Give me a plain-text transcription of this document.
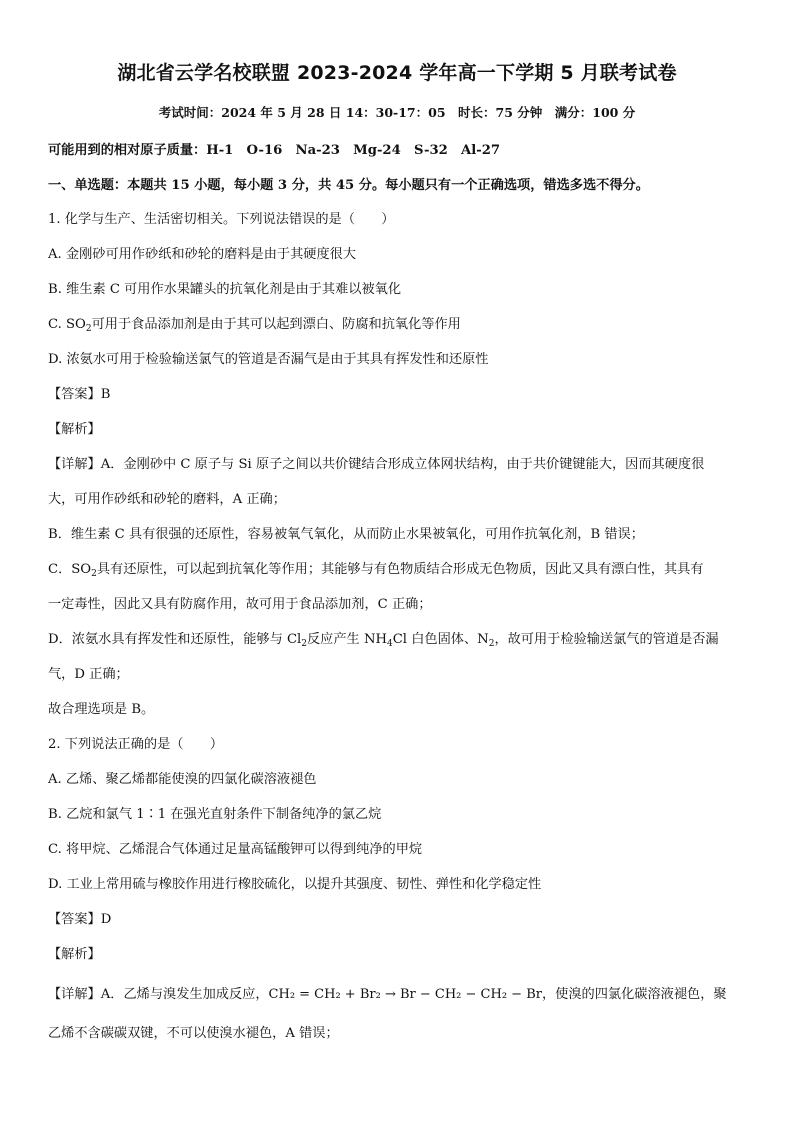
湖北省云学名校联盟 2023-2024 学年高一下学期 5 月联考试卷
考试时间：2024 年 5 月 28 日 14：30-17：05　时长：75 分钟　满分：100 分
可能用到的相对原子质量：H-1　O-16　Na-23　Mg-24　S-32　Al-27
一、单选题：本题共 15 小题，每小题 3 分，共 45 分。每小题只有一个正确选项，错选多选不得分。
1. 化学与生产、生活密切相关。下列说法错误的是（　　）
A. 金刚砂可用作砂纸和砂轮的磨料是由于其硬度很大
B. 维生素 C 可用作水果罐头的抗氧化剂是由于其难以被氧化
C. $SO_2$可用于食品添加剂是由于其可以起到漂白、防腐和抗氧化等作用
D. 浓氨水可用于检验输送氯气的管道是否漏气是由于其具有挥发性和还原性
【答案】B
【解析】
【详解】A．金刚砂中 C 原子与 Si 原子之间以共价键结合形成立体网状结构，由于共价键键能大，因而其硬度很
大，可用作砂纸和砂轮的磨料，A 正确；
B．维生素 C 具有很强的还原性，容易被氧气氧化，从而防止水果被氧化，可用作抗氧化剂，B 错误；
C．$SO_2$具有还原性，可以起到抗氧化等作用；其能够与有色物质结合形成无色物质，因此又具有漂白性，其具有
一定毒性，因此又具有防腐作用，故可用于食品添加剂，C 正确；
D．浓氨水具有挥发性和还原性，能够与 $Cl_2$反应产生 $NH_4Cl$ 白色固体、$N_2$，故可用于检验输送氯气的管道是否漏
气，D 正确；
故合理选项是 B。
2. 下列说法正确的是（　　）
A. 乙烯、聚乙烯都能使溴的四氯化碳溶液褪色
B. 乙烷和氯气 1∶1 在强光直射条件下制备纯净的氯乙烷
C. 将甲烷、乙烯混合气体通过足量高锰酸钾可以得到纯净的甲烷
D. 工业上常用硫与橡胶作用进行橡胶硫化，以提升其强度、韧性、弹性和化学稳定性
【答案】D
【解析】
【详解】A．乙烯与溴发生加成反应，CH₂ = CH₂ + Br₂ → Br − CH₂ − CH₂ − Br，使溴的四氯化碳溶液褪色，聚
乙烯不含碳碳双键，不可以使溴水褪色，A 错误；
